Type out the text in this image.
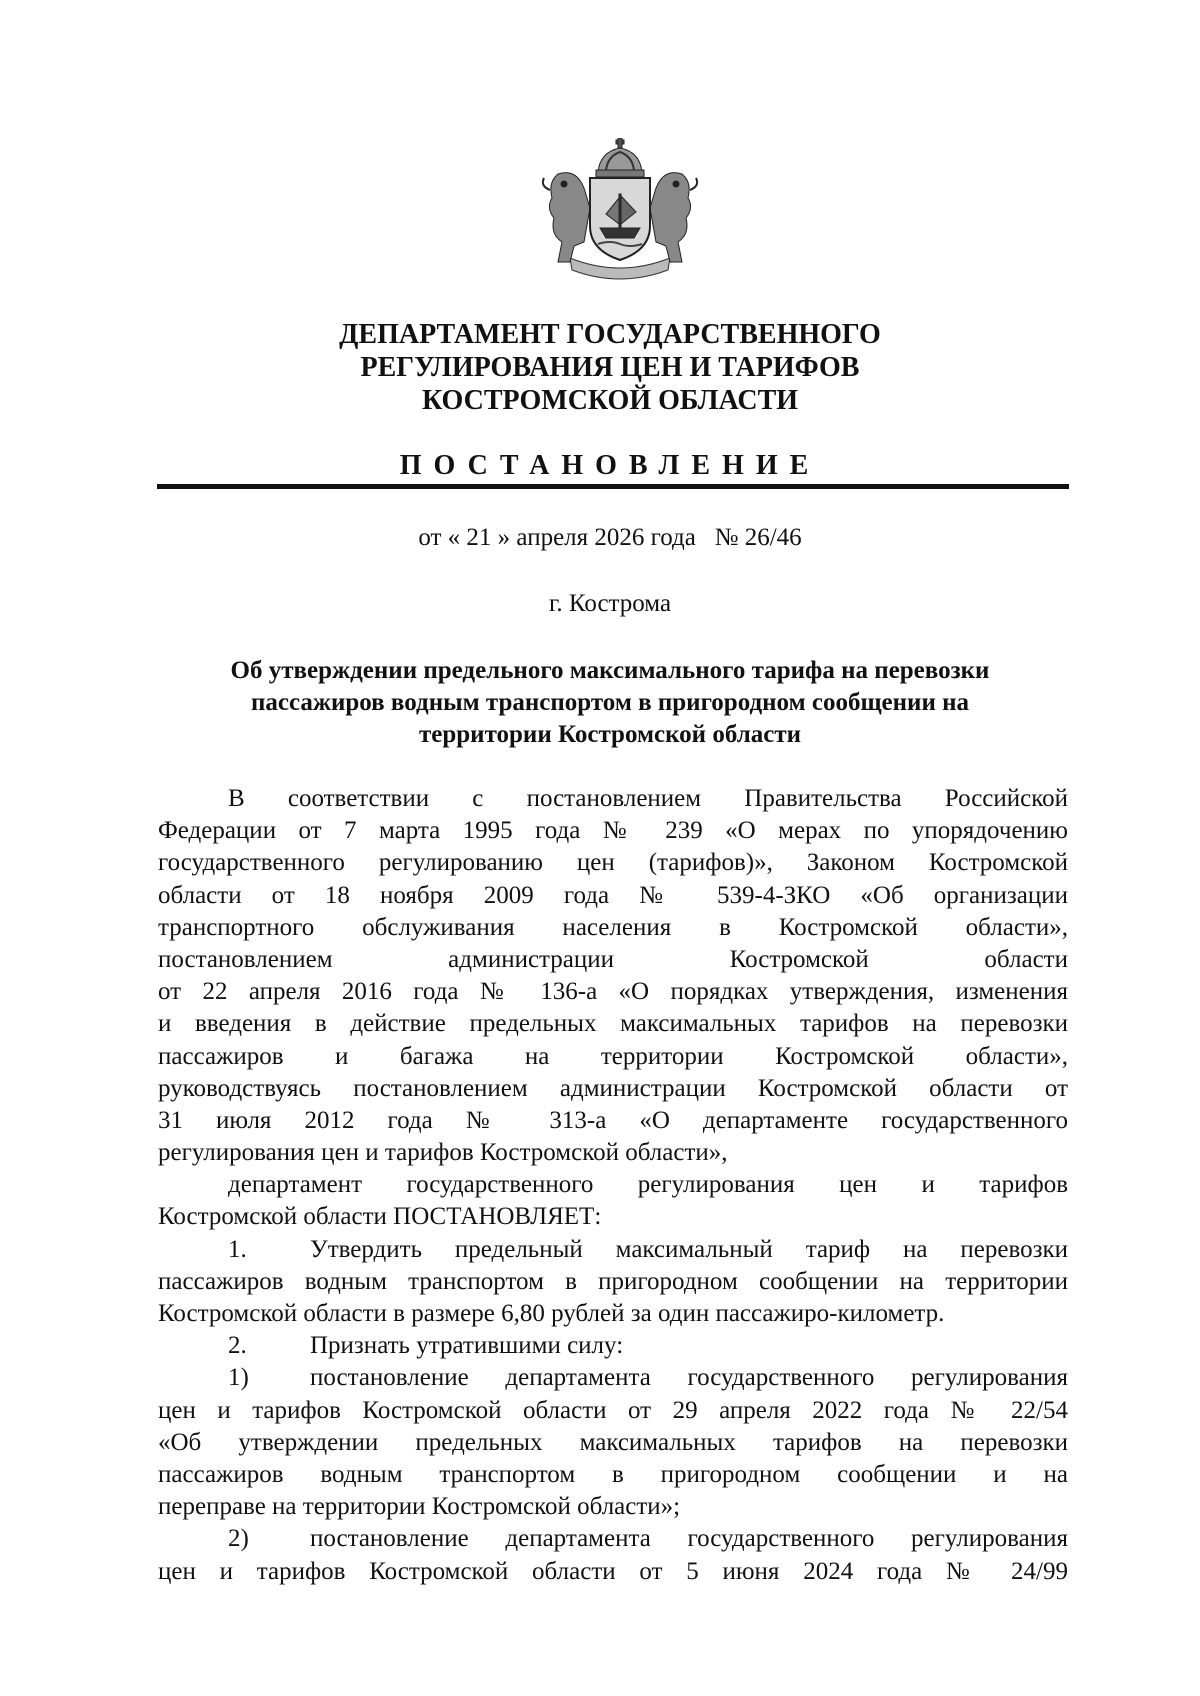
ДЕПАРТАМЕНТ ГОСУДАРСТВЕННОГО
РЕГУЛИРОВАНИЯ ЦЕН И ТАРИФОВ
КОСТРОМСКОЙ ОБЛАСТИ
ПОСТАНОВЛЕНИЕ
от « 21 » апреля 2026 года   № 26/46
г. Кострома
Об утверждении предельного максимального тарифа на перевозки
пассажиров водным транспортом в пригородном сообщении на
территории Костромской области
В соответствии с постановлением Правительства Российской
Федерации от 7 марта 1995 года № 239 «О мерах по упорядочению
государственного регулированию цен (тарифов)», Законом Костромской
области от 18 ноября 2009 года № 539-4-ЗКО «Об организации
транспортного обслуживания населения в Костромской области»,
постановлением администрации Костромской области
от 22 апреля 2016 года № 136-а «О порядках утверждения, изменения
и введения в действие предельных максимальных тарифов на перевозки
пассажиров и багажа на территории Костромской области»,
руководствуясь постановлением администрации Костромской области от
31 июля 2012 года № 313-а «О департаменте государственного
регулирования цен и тарифов Костромской области»,
департамент государственного регулирования цен и тарифов
Костромской области ПОСТАНОВЛЯЕТ:
1.	Утвердить предельный максимальный тариф на перевозки
пассажиров водным транспортом в пригородном сообщении на территории
Костромской области в размере 6,80 рублей за один пассажиро-километр.
2.	Признать утратившими силу:
1)	постановление департамента государственного регулирования
цен и тарифов Костромской области от 29 апреля 2022 года № 22/54
«Об утверждении предельных максимальных тарифов на перевозки
пассажиров водным транспортом в пригородном сообщении и на
переправе на территории Костромской области»;
2)	постановление департамента государственного регулирования
цен и тарифов Костромской области от 5 июня 2024 года № 24/99
